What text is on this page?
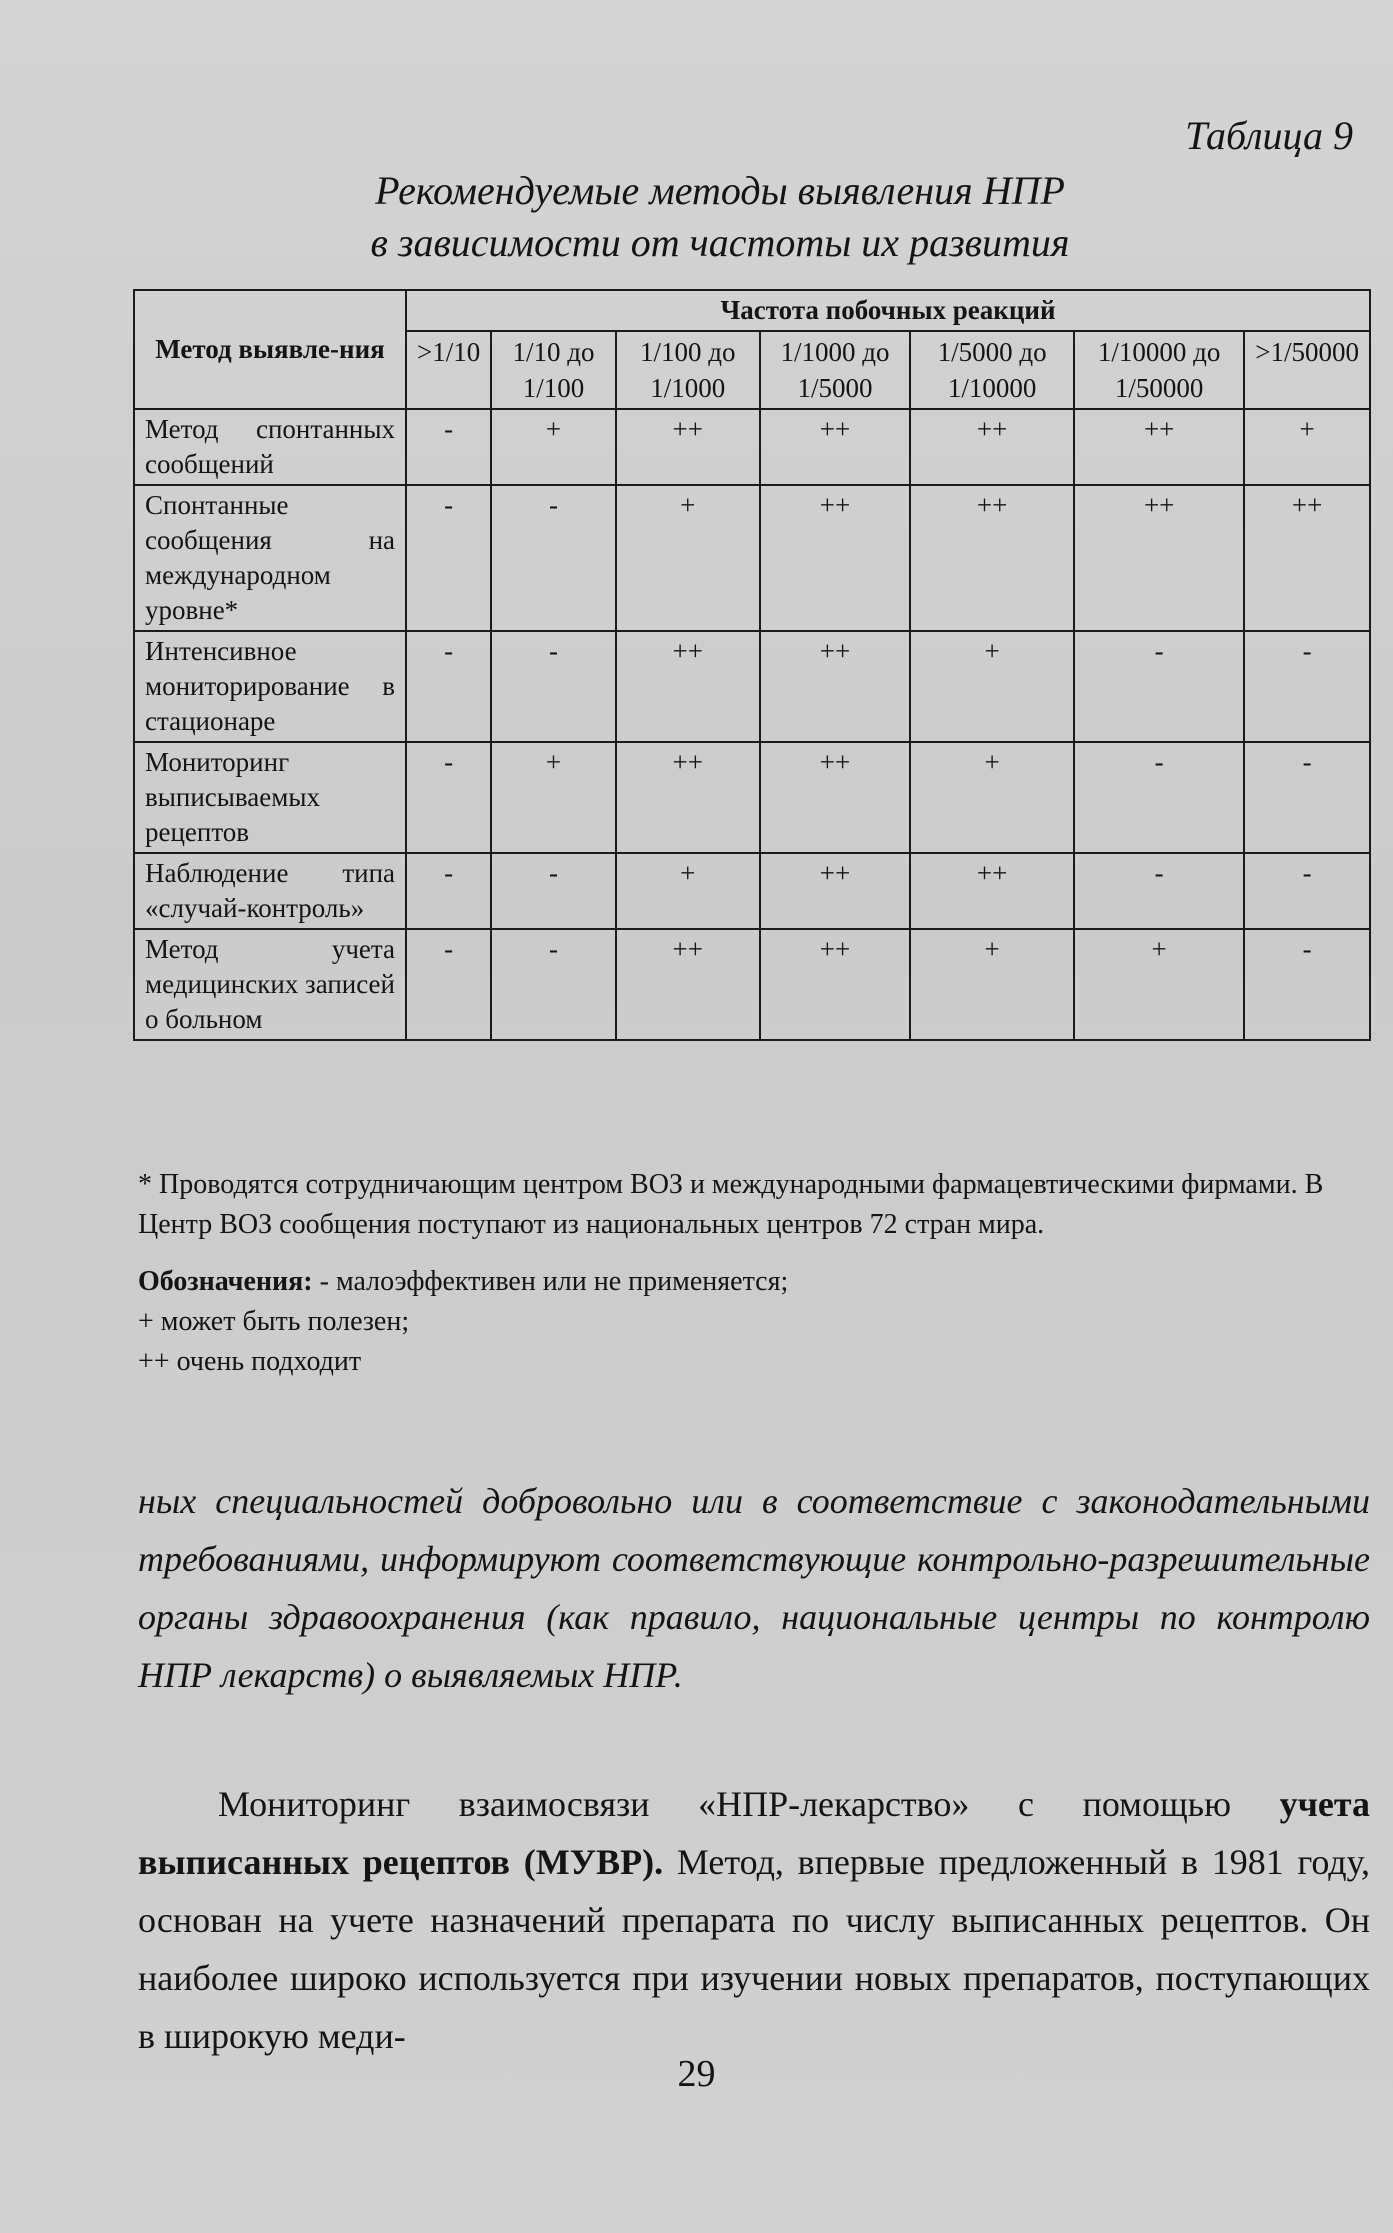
Таблица 9
Рекомендуемые методы выявления НПР
в зависимости от частоты их развития
Метод выявле-ния	Частота побочных реакций						
	>1/10	1/10 до 1/100	1/100 до 1/1000	1/1000 до 1/5000	1/5000 до 1/10000	1/10000 до 1/50000	>1/50000
Метод спонтанных сообщений	-	+	++	++	++	++	+
Спонтанные сообщения на международном уровне*	-	-	+	++	++	++	++
Интенсивное мониторирование в стационаре	-	-	++	++	+	-	-
Мониторинг выписываемых рецептов	-	+	++	++	+	-	-
Наблюдение типа «случай-контроль»	-	-	+	++	++	-	-
Метод учета медицинских записей о больном	-	-	++	++	+	+	-
* Проводятся сотрудничающим центром ВОЗ и международными фармацевтическими фирмами. В Центр ВОЗ сообщения поступают из национальных центров 72 стран мира.
Обозначения: - малоэффективен или не применяется;
+ может быть полезен;
++ очень подходит
ных специальностей добровольно или в соответствие с законодательными требованиями, информируют соответствующие контрольно-разрешительные органы здравоохранения (как правило, национальные центры по контролю НПР лекарств) о выявляемых НПР.
Мониторинг взаимосвязи «НПР-лекарство» с помощью учета выписанных рецептов (МУВР). Метод, впервые предложенный в 1981 году, основан на учете назначений препарата по числу выписанных рецептов. Он наиболее широко используется при изучении новых препаратов, поступающих в широкую меди-
29
